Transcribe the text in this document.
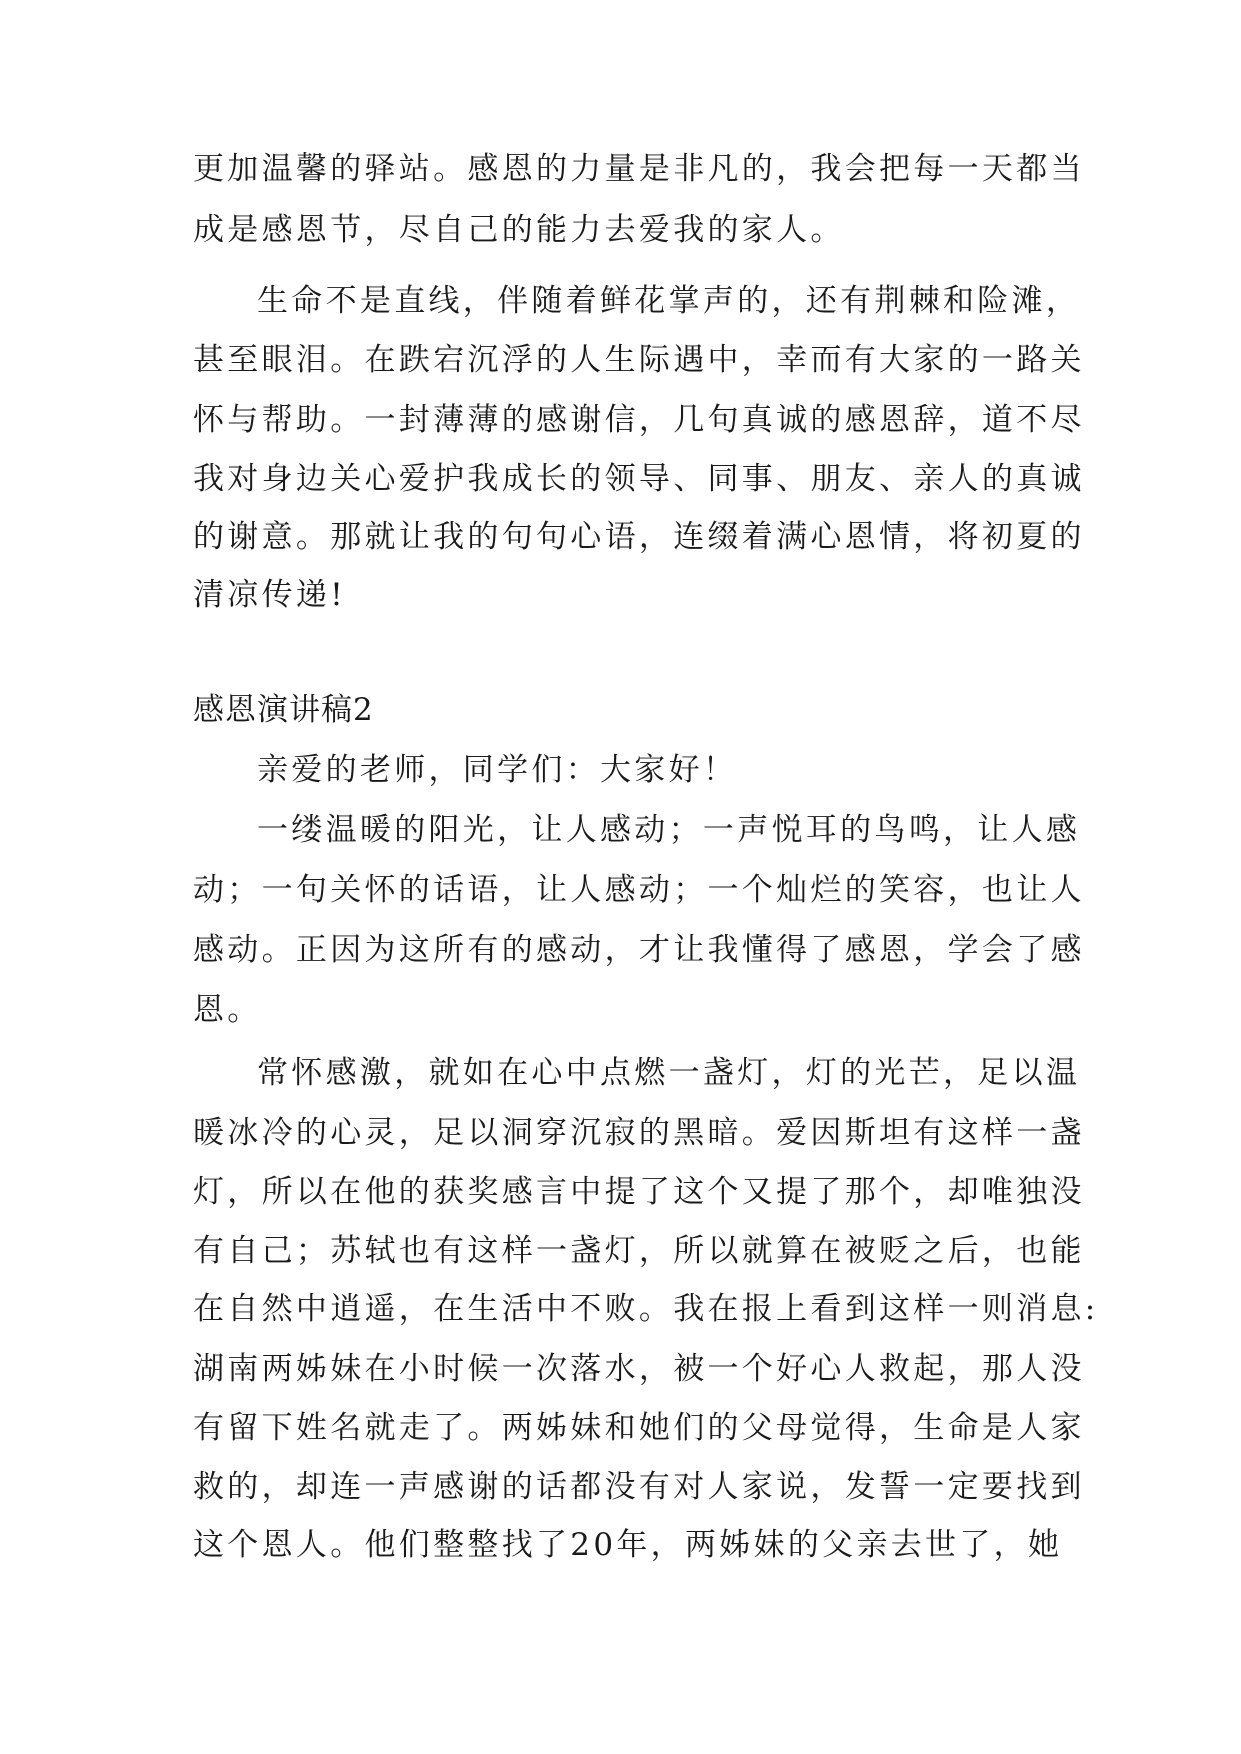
更加温馨的驿站。感恩的力量是非凡的，我会把每一天都当
成是感恩节，尽自己的能力去爱我的家人。
生命不是直线，伴随着鲜花掌声的，还有荆棘和险滩，
甚至眼泪。在跌宕沉浮的人生际遇中，幸而有大家的一路关
怀与帮助。一封薄薄的感谢信，几句真诚的感恩辞，道不尽
我对身边关心爱护我成长的领导、同事、朋友、亲人的真诚
的谢意。那就让我的句句心语，连缀着满心恩情，将初夏的
清凉传递!
感恩演讲稿2
亲爱的老师，同学们：大家好！
一缕温暖的阳光，让人感动；一声悦耳的鸟鸣，让人感
动；一句关怀的话语，让人感动；一个灿烂的笑容，也让人
感动。正因为这所有的感动，才让我懂得了感恩，学会了感
恩。
常怀感激，就如在心中点燃一盏灯，灯的光芒，足以温
暖冰冷的心灵，足以洞穿沉寂的黑暗。爱因斯坦有这样一盏
灯，所以在他的获奖感言中提了这个又提了那个，却唯独没
有自己；苏轼也有这样一盏灯，所以就算在被贬之后，也能
在自然中逍遥，在生活中不败。我在报上看到这样一则消息:
湖南两姊妹在小时候一次落水，被一个好心人救起，那人没
有留下姓名就走了。两姊妹和她们的父母觉得，生命是人家
救的，却连一声感谢的话都没有对人家说，发誓一定要找到
这个恩人。他们整整找了20年，两姊妹的父亲去世了，她
